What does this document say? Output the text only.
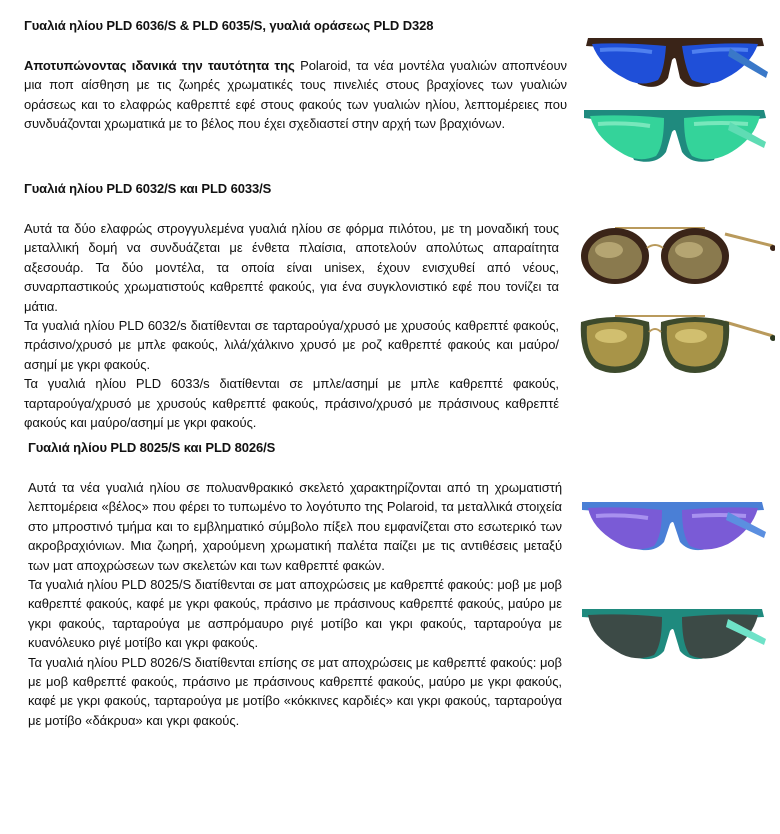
Γυαλιά ηλίου PLD 6036/S & PLD 6035/S, γυαλιά οράσεως PLD D328
Αποτυπώνοντας ιδανικά την ταυτότητα της Polaroid, τα νέα μοντέλα γυαλιών αποπνέουν μια ποπ αίσθηση με τις ζωηρές χρωματικές τους πινελιές στους βραχίονες των γυαλιών οράσεως και το ελαφρώς καθρεπτέ εφέ στους φακούς των γυαλιών ηλίου, λεπτομέρειες που συνδυάζονται χρωματικά με το βέλος που έχει σχεδιαστεί στην αρχή των βραχιόνων.
Γυαλιά ηλίου PLD 6032/S και PLD 6033/S
Αυτά τα δύο ελαφρώς στρογγυλεμένα γυαλιά ηλίου σε φόρμα πιλότου, με τη μοναδική τους μεταλλική δομή να συνδυάζεται με ένθετα πλαίσια, αποτελούν απολύτως απαραίτητα αξεσουάρ. Τα δύο μοντέλα, τα οποία είναι unisex, έχουν ενισχυθεί από νέους, συναρπαστικούς χρωματιστούς καθρεπτέ φακούς, για ένα συγκλονιστικό εφέ που τονίζει τα μάτια.
Τα γυαλιά ηλίου PLD 6032/s διατίθενται σε ταρταρούγα/χρυσό με χρυσούς καθρεπτέ φακούς, πράσινο/χρυσό με μπλε φακούς, λιλά/χάλκινο χρυσό με ροζ καθρεπτέ φακούς και μαύρο/ασημί με γκρι φακούς.
Τα γυαλιά ηλίου PLD 6033/s διατίθενται σε μπλε/ασημί με μπλε καθρεπτέ φακούς, ταρταρούγα/χρυσό με χρυσούς καθρεπτέ φακούς, πράσινο/χρυσό με πράσινους καθρεπτέ φακούς και μαύρο/ασημί με γκρι φακούς.
Γυαλιά ηλίου PLD 8025/S και PLD 8026/S
Αυτά τα νέα γυαλιά ηλίου σε πολυανθρακικό σκελετό χαρακτηρίζονται από τη χρωματιστή λεπτομέρεια «βέλος» που φέρει το τυπωμένο το λογότυπο της Polaroid, τα μεταλλικά στοιχεία στο μπροστινό τμήμα και το εμβληματικό σύμβολο πίξελ που εμφανίζεται στο εσωτερικό των ακροβραχιόνιων. Μια ζωηρή, χαρούμενη χρωματική παλέτα παίζει με τις αντιθέσεις μεταξύ των ματ αποχρώσεων των σκελετών και των καθρεπτέ φακών.
Τα γυαλιά ηλίου PLD 8025/S διατίθενται σε ματ αποχρώσεις με καθρεπτέ φακούς: μοβ με μοβ καθρεπτέ φακούς, καφέ με γκρι φακούς, πράσινο με πράσινους καθρεπτέ φακούς, μαύρο με γκρι φακούς, ταρταρούγα με ασπρόμαυρο ριγέ μοτίβο και γκρι φακούς, ταρταρούγα με κυανόλευκο ριγέ μοτίβο και γκρι φακούς.
Τα γυαλιά ηλίου PLD 8026/S διατίθενται επίσης σε ματ αποχρώσεις με καθρεπτέ φακούς: μοβ με μοβ καθρεπτέ φακούς, πράσινο με πράσινους καθρεπτέ φακούς, μαύρο με γκρι φακούς, καφέ με γκρι φακούς, ταρταρούγα με μοτίβο «κόκκινες καρδιές» και γκρι φακούς, ταρταρούγα με μοτίβο «δάκρυα» και γκρι φακούς.
